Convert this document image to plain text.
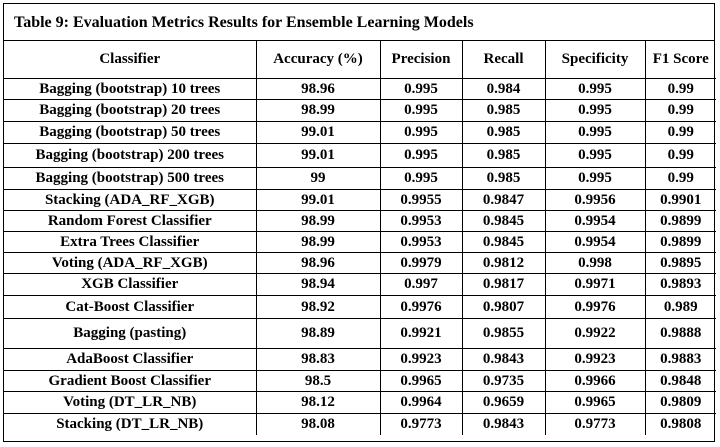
Table 9: Evaluation Metrics Results for Ensemble Learning Models
Classifier	Accuracy (%)	Precision	Recall	Specificity	F1 Score
Bagging (bootstrap) 10 trees	98.96	0.995	0.984	0.995	0.99
Bagging (bootstrap) 20 trees	98.99	0.995	0.985	0.995	0.99
Bagging (bootstrap) 50 trees	99.01	0.995	0.985	0.995	0.99
Bagging (bootstrap) 200 trees	99.01	0.995	0.985	0.995	0.99
Bagging (bootstrap) 500 trees	99	0.995	0.985	0.995	0.99
Stacking (ADA_RF_XGB)	99.01	0.9955	0.9847	0.9956	0.9901
Random Forest Classifier	98.99	0.9953	0.9845	0.9954	0.9899
Extra Trees Classifier	98.99	0.9953	0.9845	0.9954	0.9899
Voting (ADA_RF_XGB)	98.96	0.9979	0.9812	0.998	0.9895
XGB Classifier	98.94	0.997	0.9817	0.9971	0.9893
Cat-Boost Classifier	98.92	0.9976	0.9807	0.9976	0.989
Bagging (pasting)	98.89	0.9921	0.9855	0.9922	0.9888
AdaBoost Classifier	98.83	0.9923	0.9843	0.9923	0.9883
Gradient Boost Classifier	98.5	0.9965	0.9735	0.9966	0.9848
Voting (DT_LR_NB)	98.12	0.9964	0.9659	0.9965	0.9809
Stacking (DT_LR_NB)	98.08	0.9773	0.9843	0.9773	0.9808
